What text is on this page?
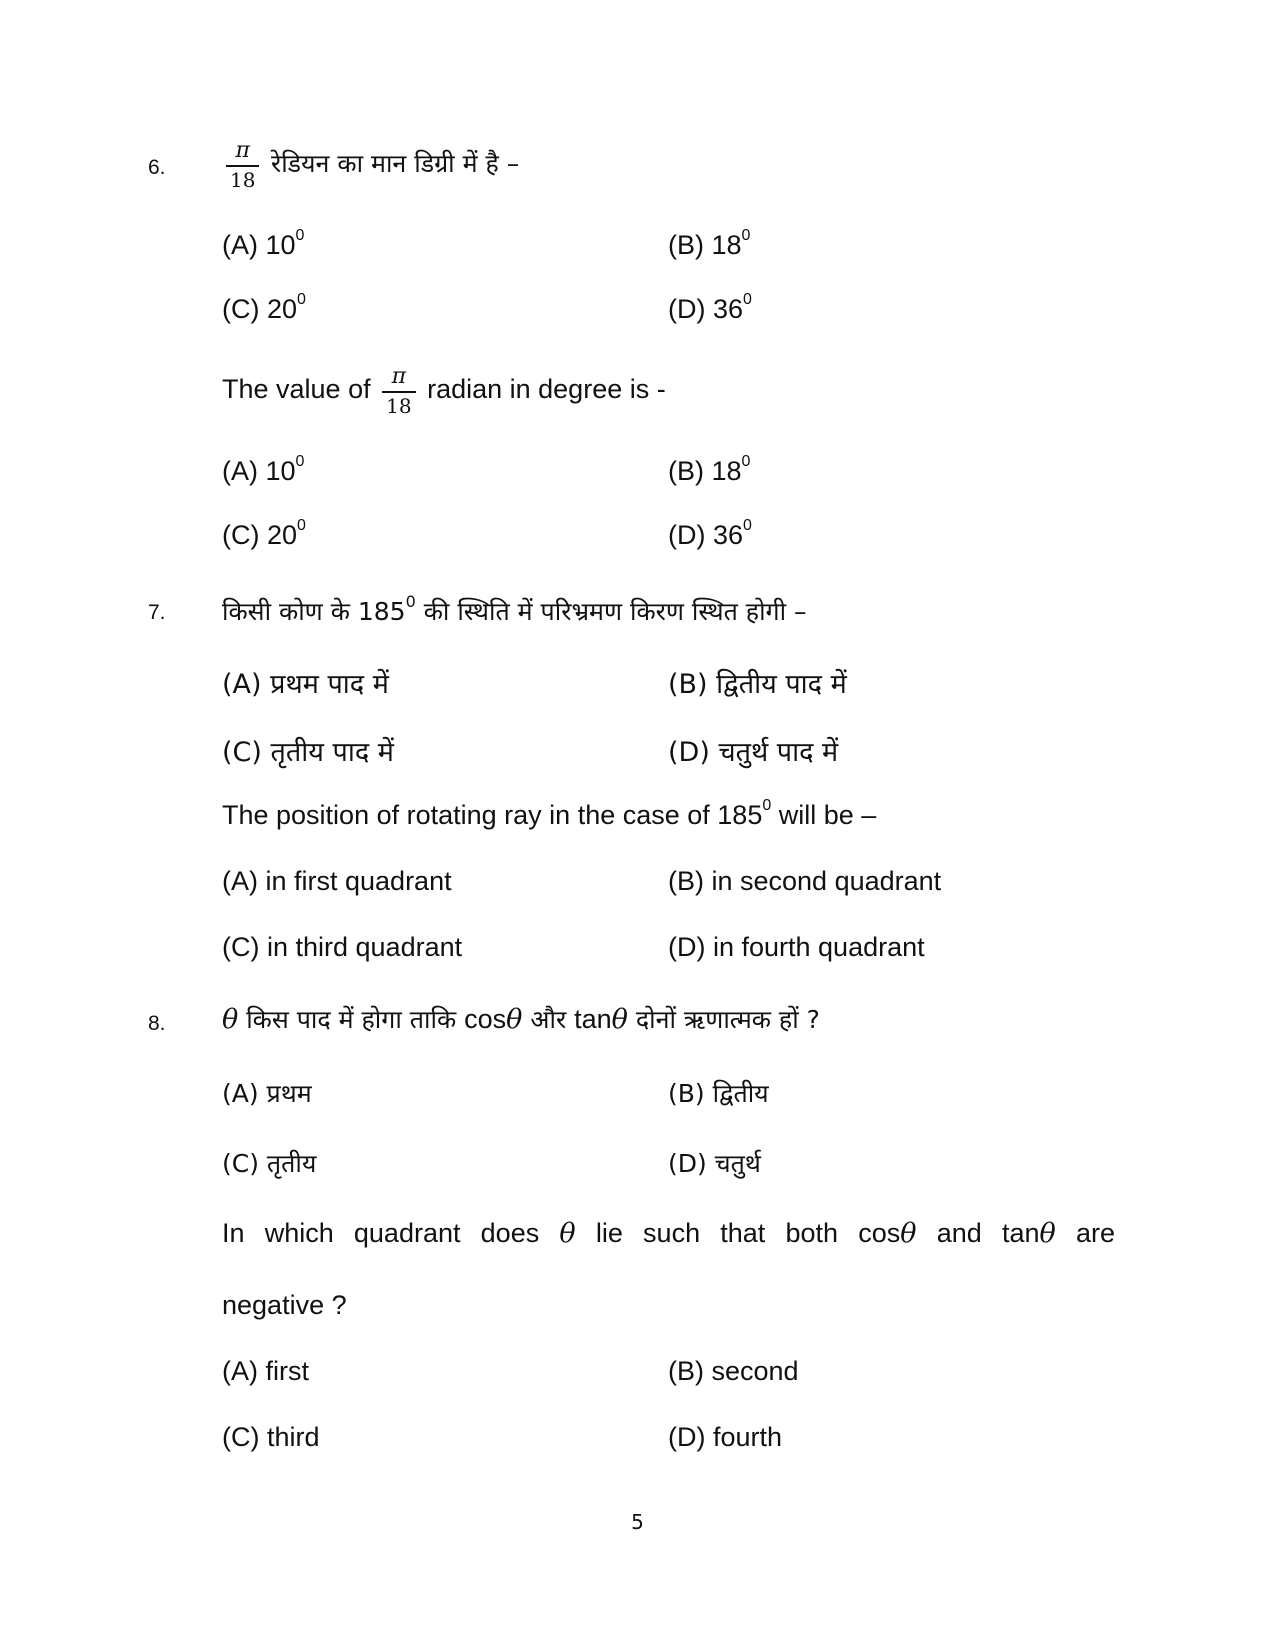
6.	$\frac{\pi}{18}$ रेडियन का मान डिग्री में है –
(A) $10^0$	(B) $18^0$
(C) $20^0$	(D) $36^0$
The value of $\frac{\pi}{18}$ radian in degree is -
(A) $10^0$	(B) $18^0$
(C) $20^0$	(D) $36^0$
7. किसी कोण के $185^0$ की स्थिति में परिभ्रमण किरण स्थित होगी –
(A) प्रथम पाद में	(B) द्वितीय पाद में
(C) तृतीय पाद में	(D) चतुर्थ पाद में
The position of rotating ray in the case of $185^0$ will be –
(A) in first quadrant	(B) in second quadrant
(C) in third quadrant	(D) in fourth quadrant
8. θ किस पाद में होगा ताकि cosθ और tanθ दोनों ऋणात्मक हों ?
(A) प्रथम	(B) द्वितीय
(C) तृतीय	(D) चतुर्थ
In which quadrant does θ lie such that both cosθ and tanθ are
negative ?
(A) first	(B) second
(C) third	(D) fourth
5
